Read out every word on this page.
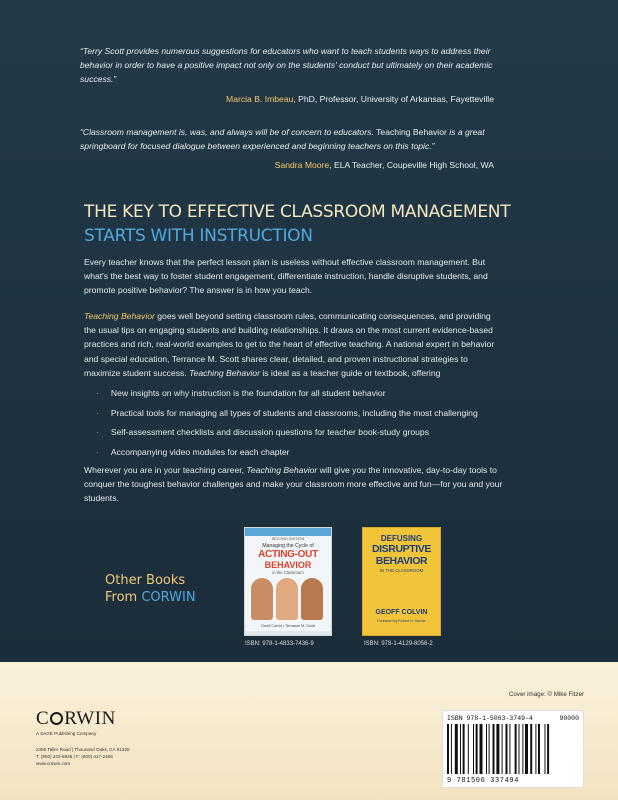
“Terry Scott provides numerous suggestions for educators who want to teach students ways to address their behavior in order to have a positive impact not only on the students' conduct but ultimately on their academic success.”
Marcia B. Imbeau, PhD, Professor, University of Arkansas, Fayetteville
“Classroom management is, was, and always will be of concern to educators. Teaching Behavior is a great springboard for focused dialogue between experienced and beginning teachers on this topic.”
Sandra Moore, ELA Teacher, Coupeville High School, WA
THE KEY TO EFFECTIVE CLASSROOM MANAGEMENT
STARTS WITH INSTRUCTION
Every teacher knows that the perfect lesson plan is useless without effective classroom management. But what's the best way to foster student engagement, differentiate instruction, handle disruptive students, and promote positive behavior? The answer is in how you teach.
Teaching Behavior goes well beyond setting classroom rules, communicating consequences, and providing the usual tips on engaging students and building relationships. It draws on the most current evidence-based practices and rich, real-world examples to get to the heart of effective teaching. A national expert in behavior and special education, Terrance M. Scott shares clear, detailed, and proven instructional strategies to maximize student success. Teaching Behavior is ideal as a teacher guide or textbook, offering
· New insights on why instruction is the foundation for all student behavior
· Practical tools for managing all types of students and classrooms, including the most challenging
· Self-assessment checklists and discussion questions for teacher book-study groups
· Accompanying video modules for each chapter
Wherever you are in your teaching career, Teaching Behavior will give you the innovative, day-to-day tools to conquer the toughest behavior challenges and make your classroom more effective and fun—for you and your students.
Other Books
From CORWIN
SECOND EDITION
Managing the Cycle of
ACTING-OUT
BEHAVIOR
in the Classroom
Geoff Colvin • Terrance M. Scott
DEFUSING
DISRUPTIVE
BEHAVIOR
IN THE CLASSROOM
GEOFF COLVIN
Foreword by Robert H. Horner
ISBN: 978-1-4833-7436-9	ISBN: 978-1-4129-8056-2
Cover image: © Mike Fitzer
C RWIN
A SAGE Publishing Company
2455 Teller Road | Thousand Oaks, CA 91320
T: (800) 233-9936 | F: (800) 417-2466
www.corwin.com
ISBN 978-1-5063-3749-4	90000
9 781506 337494
